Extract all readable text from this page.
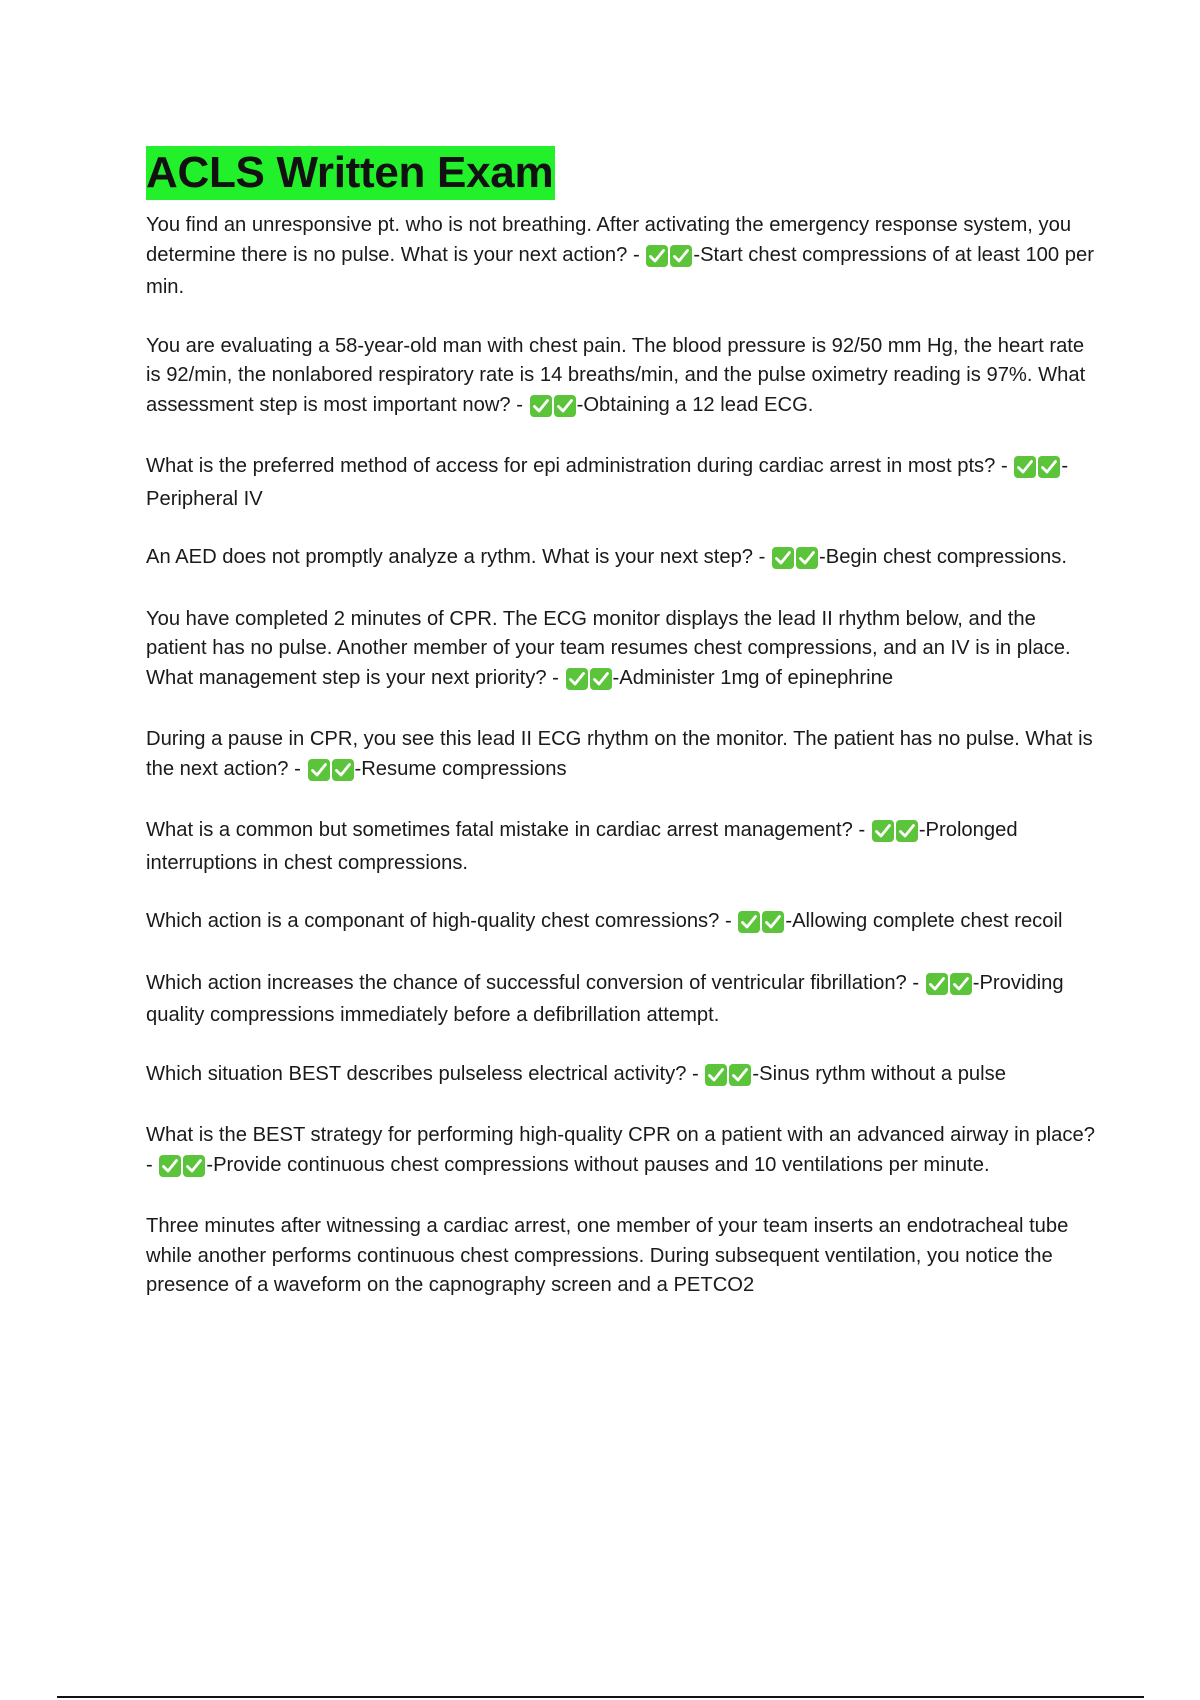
ACLS Written Exam

You find an unresponsive pt. who is not breathing. After activating the emergency response system, you determine there is no pulse. What is your next action? - -Start chest compressions of at least 100 per min.

You are evaluating a 58-year-old man with chest pain. The blood pressure is 92/50 mm Hg, the heart rate is 92/min, the nonlabored respiratory rate is 14 breaths/min, and the pulse oximetry reading is 97%. What assessment step is most important now? - -Obtaining a 12 lead ECG.

What is the preferred method of access for epi administration during cardiac arrest in most pts? - -Peripheral IV

An AED does not promptly analyze a rythm. What is your next step? - -Begin chest compressions.

You have completed 2 minutes of CPR. The ECG monitor displays the lead II rhythm below, and the patient has no pulse. Another member of your team resumes chest compressions, and an IV is in place. What management step is your next priority? - -Administer 1mg of epinephrine

During a pause in CPR, you see this lead II ECG rhythm on the monitor. The patient has no pulse. What is the next action? - -Resume compressions

What is a common but sometimes fatal mistake in cardiac arrest management? - -Prolonged interruptions in chest compressions.

Which action is a componant of high-quality chest comressions? - -Allowing complete chest recoil

Which action increases the chance of successful conversion of ventricular fibrillation? - -Providing quality compressions immediately before a defibrillation attempt.

Which situation BEST describes pulseless electrical activity? - -Sinus rythm without a pulse

What is the BEST strategy for performing high-quality CPR on a patient with an advanced airway in place? - -Provide continuous chest compressions without pauses and 10 ventilations per minute.

Three minutes after witnessing a cardiac arrest, one member of your team inserts an endotracheal tube while another performs continuous chest compressions. During subsequent ventilation, you notice the presence of a waveform on the capnography screen and a PETCO2
